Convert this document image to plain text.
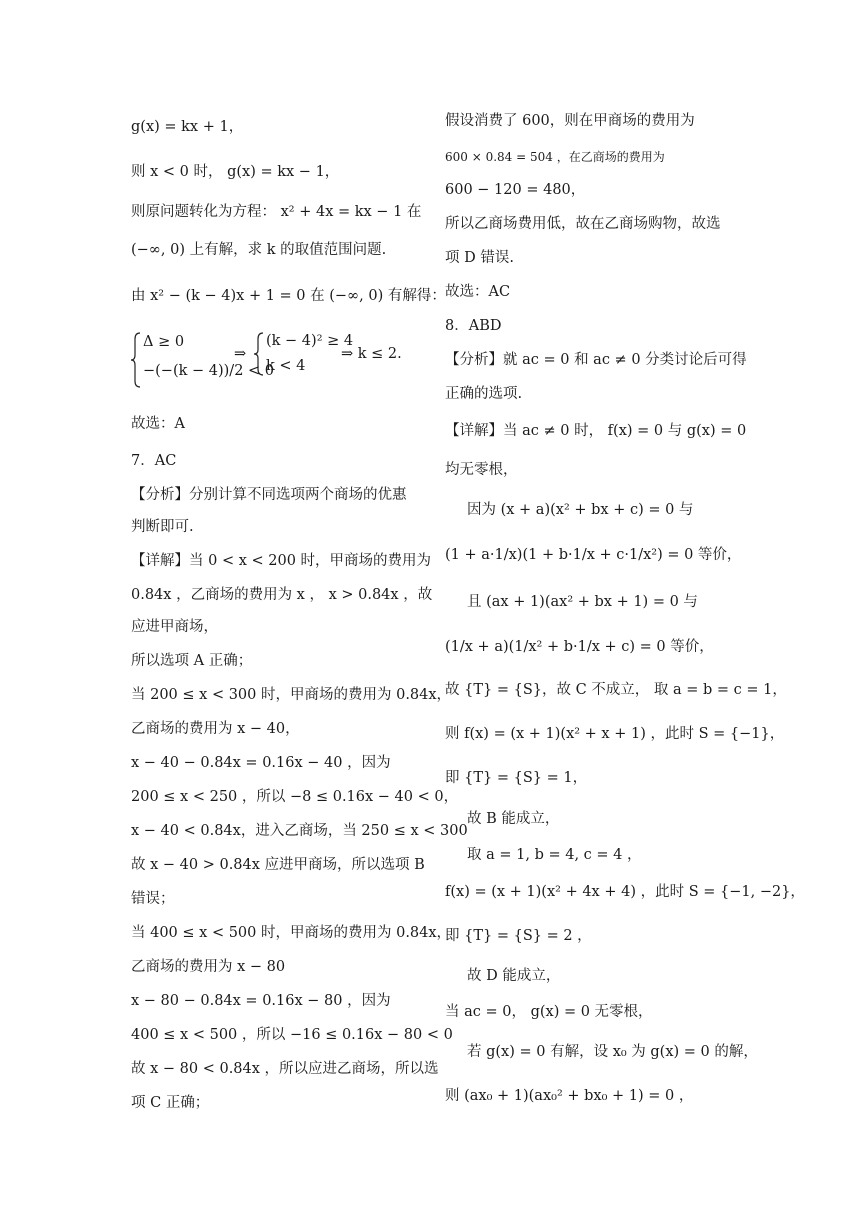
g(x) = kx + 1，
则 x < 0 时， g(x) = kx − 1，
则原问题转化为方程： x² + 4x = kx − 1 在
(−∞, 0) 上有解，求 k 的取值范围问题.
由 x² − (k − 4)x + 1 = 0 在 (−∞, 0) 有解得：
Δ ≥ 0
−(−(k − 4))/2 < 0
⇒
(k − 4)² ≥ 4
k < 4
⇒ k ≤ 2.
故选：A
7．AC
【分析】分别计算不同选项两个商场的优惠
判断即可.
【详解】当 0 < x < 200 时，甲商场的费用为
0.84x ，乙商场的费用为 x ， x > 0.84x ，故
应进甲商场，
所以选项 A 正确；
当 200 ≤ x < 300 时，甲商场的费用为 0.84x，
乙商场的费用为 x − 40，
x − 40 − 0.84x = 0.16x − 40 ，因为
200 ≤ x < 250 ，所以 −8 ≤ 0.16x − 40 < 0，
x − 40 < 0.84x，进入乙商场，当 250 ≤ x < 300
故 x − 40 > 0.84x 应进甲商场，所以选项 B
错误；
当 400 ≤ x < 500 时，甲商场的费用为 0.84x，
乙商场的费用为 x − 80
x − 80 − 0.84x = 0.16x − 80 ，因为
400 ≤ x < 500 ，所以 −16 ≤ 0.16x − 80 < 0
故 x − 80 < 0.84x ，所以应进乙商场，所以选
项 C 正确；
假设消费了 600，则在甲商场的费用为
600 × 0.84 = 504 ，在乙商场的费用为
600 − 120 = 480，
所以乙商场费用低，故在乙商场购物，故选
项 D 错误.
故选：AC
8．ABD
【分析】就 ac = 0 和 ac ≠ 0 分类讨论后可得
正确的选项.
【详解】当 ac ≠ 0 时， f(x) = 0 与 g(x) = 0
均无零根，
因为 (x + a)(x² + bx + c) = 0 与
(1 + a·1/x)(1 + b·1/x + c·1/x²) = 0 等价，
且 (ax + 1)(ax² + bx + 1) = 0 与
(1/x + a)(1/x² + b·1/x + c) = 0 等价，
故 {T} = {S}，故 C 不成立， 取 a = b = c = 1，
则 f(x) = (x + 1)(x² + x + 1) ，此时 S = {−1}，
即 {T} = {S} = 1，
故 B 能成立，
取 a = 1, b = 4, c = 4 ，
f(x) = (x + 1)(x² + 4x + 4) ，此时 S = {−1, −2}，
即 {T} = {S} = 2 ，
故 D 能成立，
当 ac = 0， g(x) = 0 无零根，
若 g(x) = 0 有解，设 x₀ 为 g(x) = 0 的解，
则 (ax₀ + 1)(ax₀² + bx₀ + 1) = 0 ，
